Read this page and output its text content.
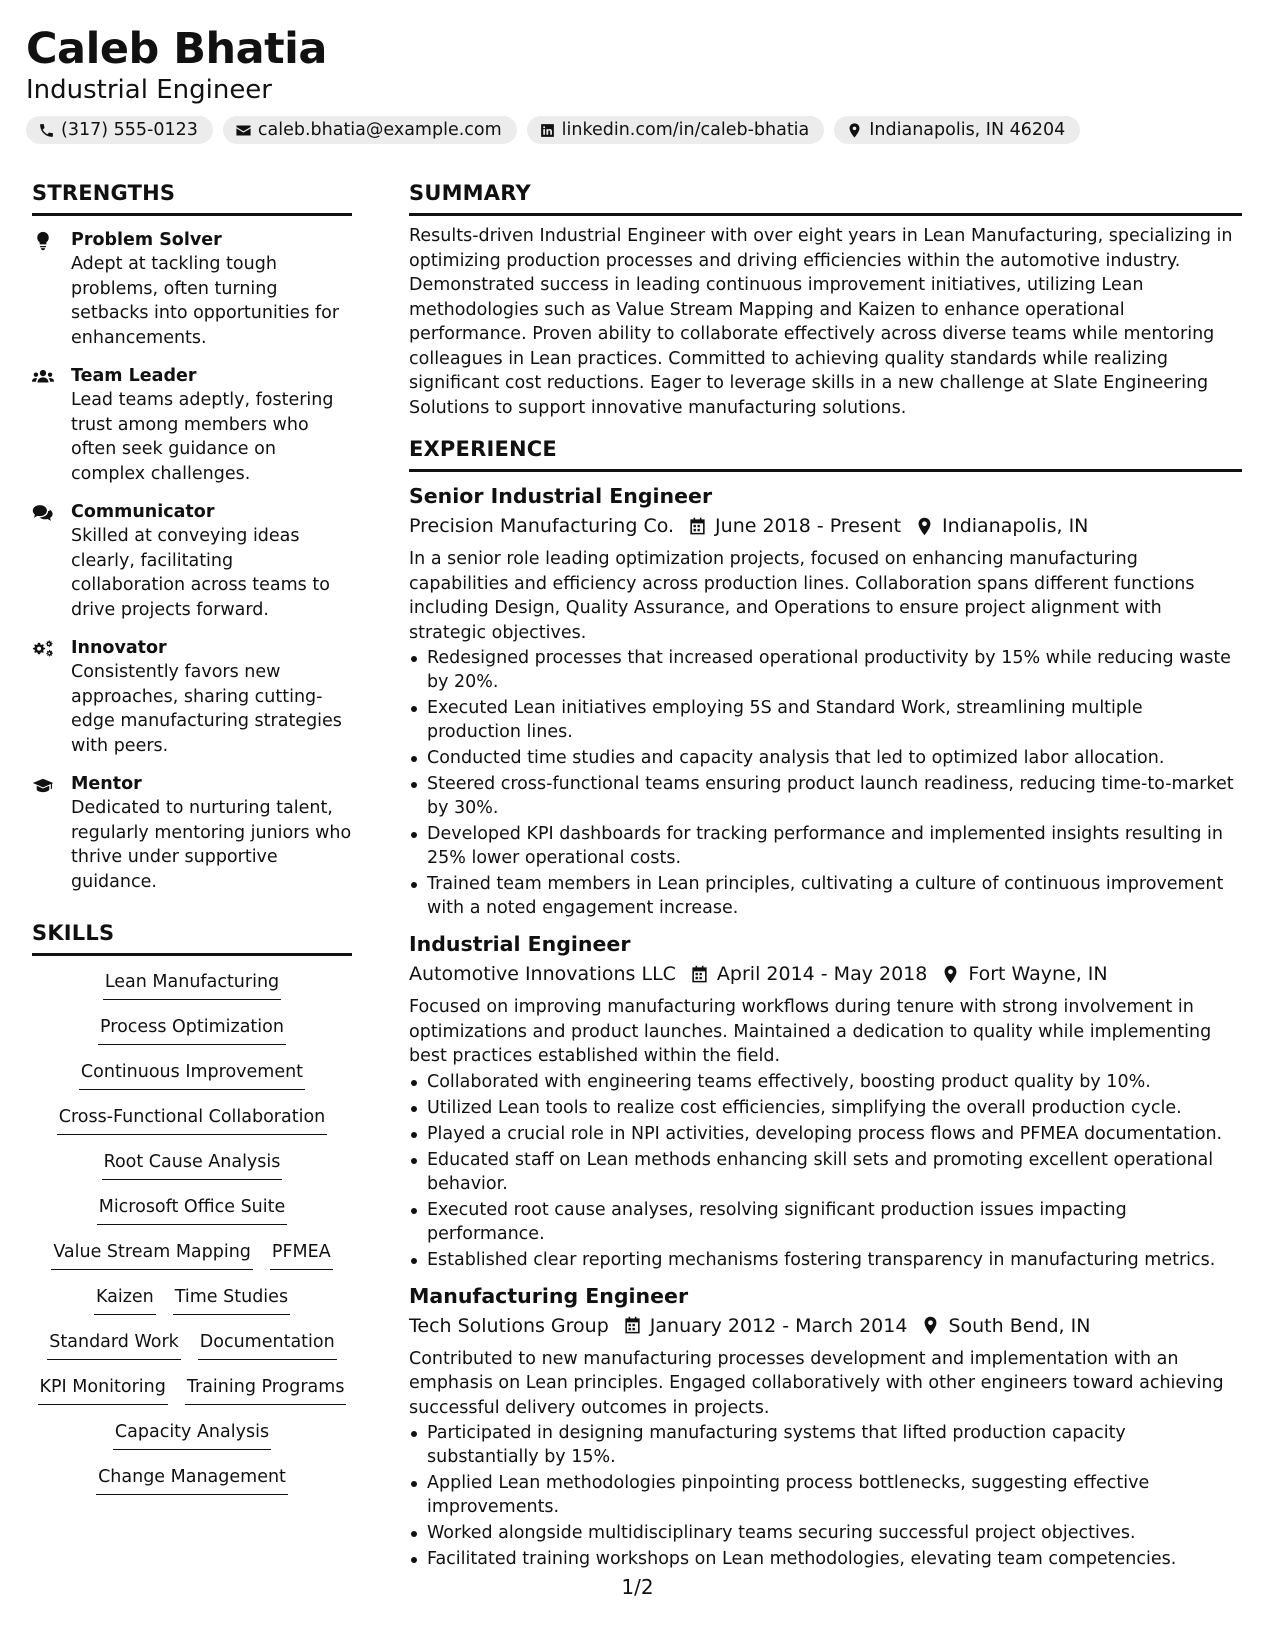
Caleb Bhatia
Industrial Engineer
(317) 555-0123	caleb.bhatia@example.com	linkedin.com/in/caleb-bhatia	Indianapolis, IN 46204
STRENGTHS
Problem Solver
Adept at tackling tough problems, often turning setbacks into opportunities for enhancements.
Team Leader
Lead teams adeptly, fostering trust among members who often seek guidance on complex challenges.
Communicator
Skilled at conveying ideas clearly, facilitating collaboration across teams to drive projects forward.
Innovator
Consistently favors new approaches, sharing cutting-edge manufacturing strategies with peers.
Mentor
Dedicated to nurturing talent, regularly mentoring juniors who thrive under supportive guidance.
SKILLS
Lean Manufacturing
Process Optimization
Continuous Improvement
Cross-Functional Collaboration
Root Cause Analysis
Microsoft Office Suite
Value Stream Mapping PFMEA
Kaizen Time Studies
Standard Work Documentation
KPI Monitoring Training Programs
Capacity Analysis
Change Management
SUMMARY
Results-driven Industrial Engineer with over eight years in Lean Manufacturing, specializing in optimizing production processes and driving efficiencies within the automotive industry. Demonstrated success in leading continuous improvement initiatives, utilizing Lean methodologies such as Value Stream Mapping and Kaizen to enhance operational performance. Proven ability to collaborate effectively across diverse teams while mentoring colleagues in Lean practices. Committed to achieving quality standards while realizing significant cost reductions. Eager to leverage skills in a new challenge at Slate Engineering Solutions to support innovative manufacturing solutions.
EXPERIENCE
Senior Industrial Engineer
Precision Manufacturing Co. June 2018 - Present Indianapolis, IN
In a senior role leading optimization projects, focused on enhancing manufacturing capabilities and efficiency across production lines. Collaboration spans different functions including Design, Quality Assurance, and Operations to ensure project alignment with strategic objectives.
Redesigned processes that increased operational productivity by 15% while reducing waste by 20%.
Executed Lean initiatives employing 5S and Standard Work, streamlining multiple production lines.
Conducted time studies and capacity analysis that led to optimized labor allocation.
Steered cross-functional teams ensuring product launch readiness, reducing time-to-market by 30%.
Developed KPI dashboards for tracking performance and implemented insights resulting in 25% lower operational costs.
Trained team members in Lean principles, cultivating a culture of continuous improvement with a noted engagement increase.
Industrial Engineer
Automotive Innovations LLC April 2014 - May 2018 Fort Wayne, IN
Focused on improving manufacturing workflows during tenure with strong involvement in optimizations and product launches. Maintained a dedication to quality while implementing best practices established within the field.
Collaborated with engineering teams effectively, boosting product quality by 10%.
Utilized Lean tools to realize cost efficiencies, simplifying the overall production cycle.
Played a crucial role in NPI activities, developing process flows and PFMEA documentation.
Educated staff on Lean methods enhancing skill sets and promoting excellent operational behavior.
Executed root cause analyses, resolving significant production issues impacting performance.
Established clear reporting mechanisms fostering transparency in manufacturing metrics.
Manufacturing Engineer
Tech Solutions Group January 2012 - March 2014 South Bend, IN
Contributed to new manufacturing processes development and implementation with an emphasis on Lean principles. Engaged collaboratively with other engineers toward achieving successful delivery outcomes in projects.
Participated in designing manufacturing systems that lifted production capacity substantially by 15%.
Applied Lean methodologies pinpointing process bottlenecks, suggesting effective improvements.
Worked alongside multidisciplinary teams securing successful project objectives.
Facilitated training workshops on Lean methodologies, elevating team competencies.
1/2
